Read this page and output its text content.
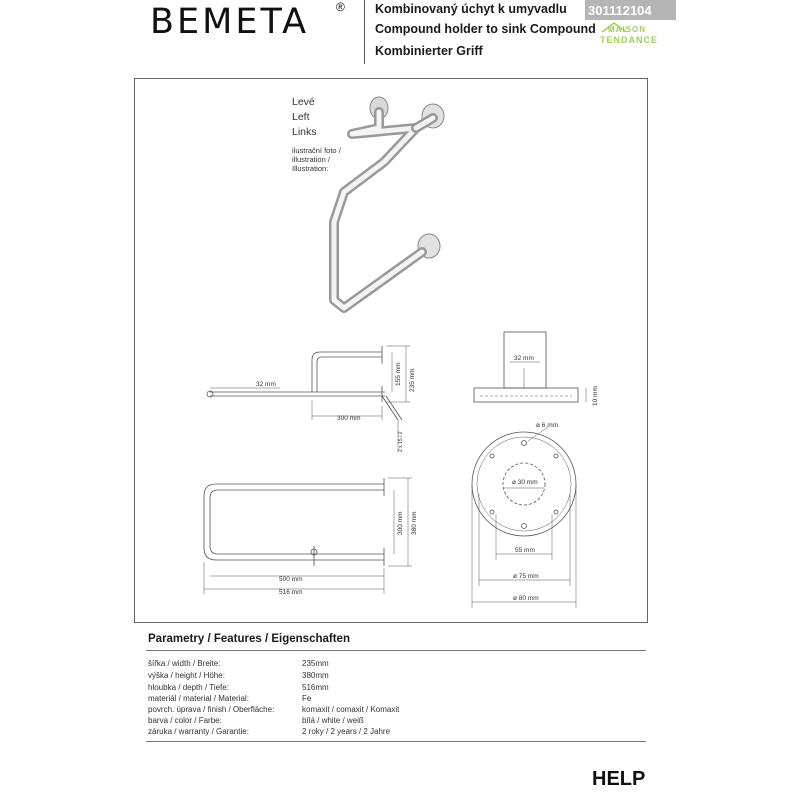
BEMETA ® Kombinovaný úchyt k umyvadlu
Compound holder to sink Compound
Kombinierter Griff
301112104
MAISON
TENDANCE
Levé
Left
Links
ilustrační foto /
illustration /
Illustration:
32 mm
300 mm
155 mm 235 mm
2 x 15 / 2
32 mm
10 mm
500 mm
516 mm
300 mm 380 mm
ø 6 mm
ø 30 mm
55 mm
ø 75 mm
ø 80 mm
Parametry / Features / Eigenschaften
šířka / width / Breite:	235mm
výška / height / Höhe:	380mm
hloubka / depth / Tiefe:	516mm
materiál / material / Material:	Fe
povrch. úprava / finish / Oberfläche:	komaxit / comaxit / Komaxit
barva / color / Farbe:	bílá / white / weiß
záruka / warranty / Garantie:	2 roky / 2 years / 2 Jahre
HELP
